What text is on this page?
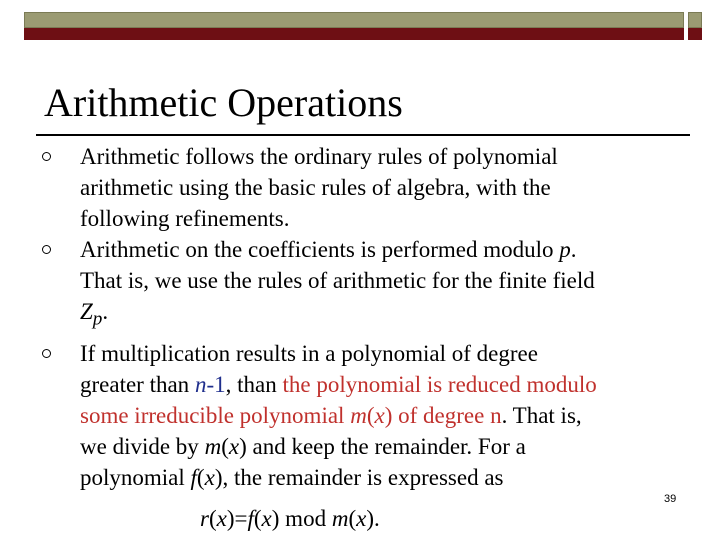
Arithmetic Operations
Arithmetic follows the ordinary rules of polynomial
arithmetic using the basic rules of algebra, with the
following refinements.
Arithmetic on the coefficients is performed modulo p.
That is, we use the rules of arithmetic for the finite field
$Z_p$.
If multiplication results in a polynomial of degree
greater than n-1, than the polynomial is reduced modulo
some irreducible polynomial m(x) of degree n. That is,
we divide by m(x) and keep the remainder. For a
polynomial f(x), the remainder is expressed as
r(x)=f(x) mod m(x).
39
